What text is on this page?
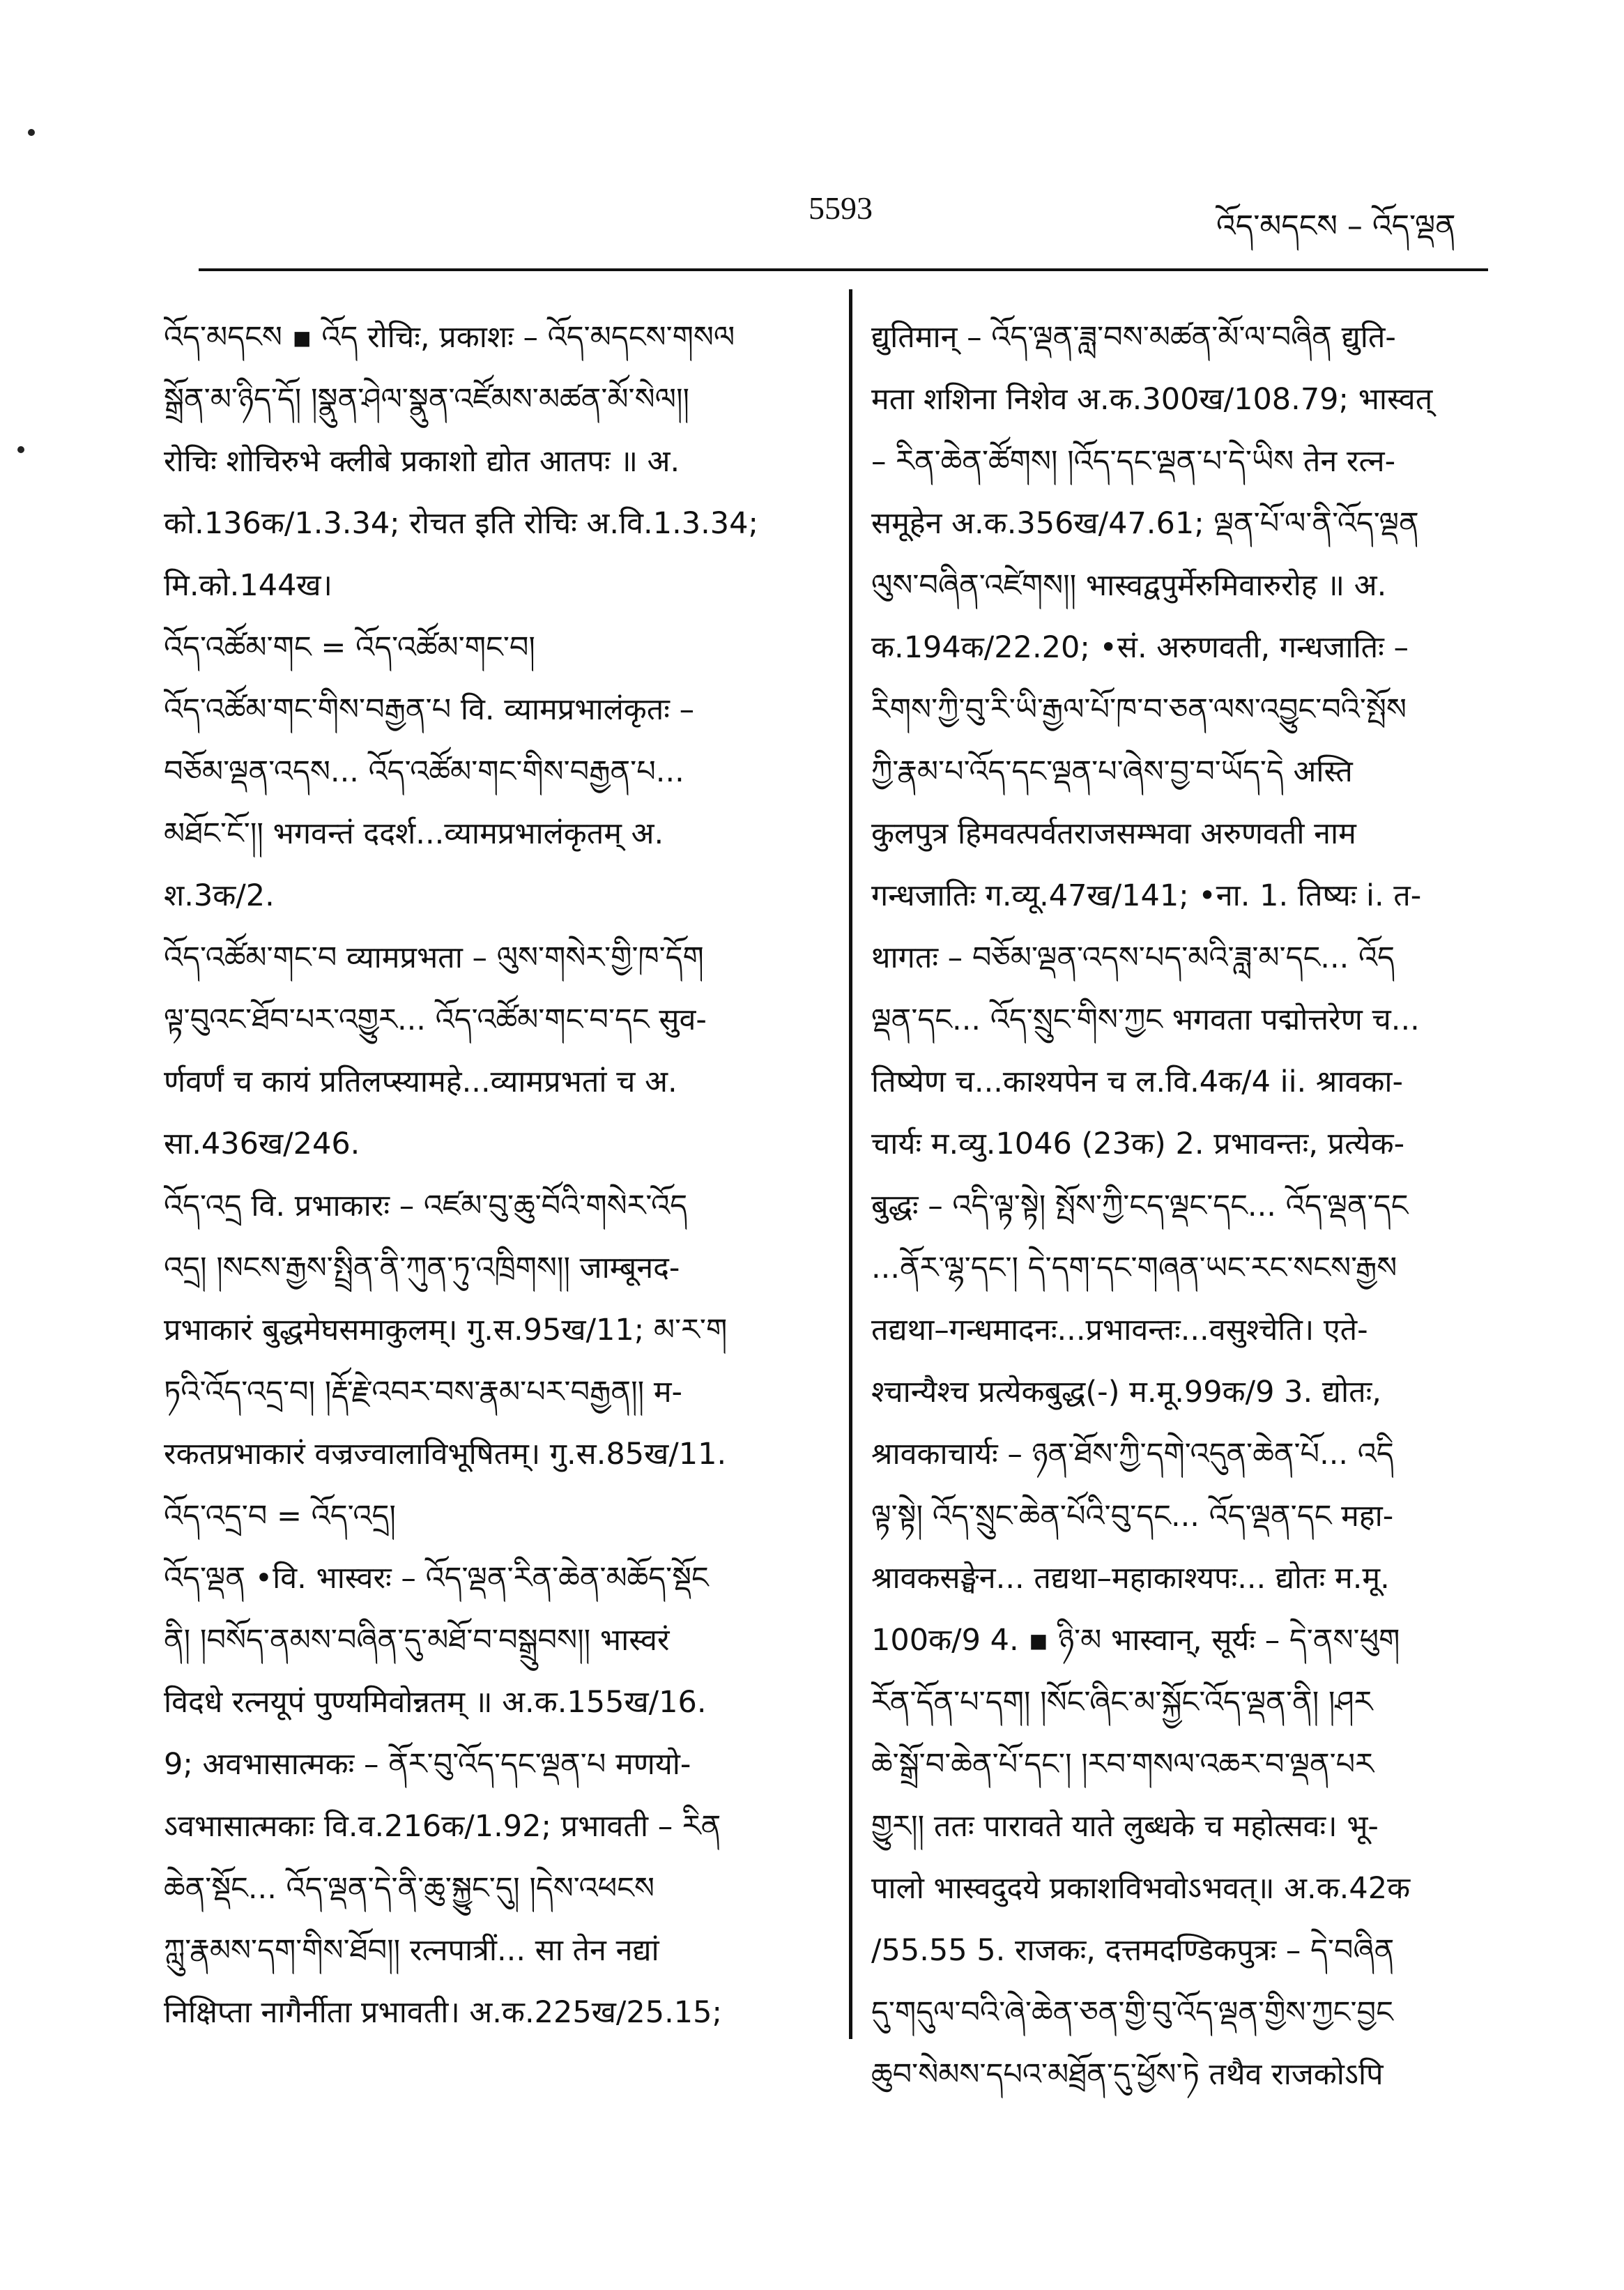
5593
འོད་མདངས – འོད་ལྡན
འོད་མདངས ▪ འོད रोचिः, प्रकाशः – འོད་མདངས་གསལ
སྒྲོན་མ་ཉིད་དོ། །སྣུན་ཤེལ་སྣུན་འཛོམས་མཚན་མོ་སེལ།།
रोचिः शोचिरुभे क्लीबे प्रकाशो द्योत आतपः ॥ अ.
को.136क/1.3.34; रोचत इति रोचिः अ.वि.1.3.34;
मि.को.144ख।
འོད་འཚོམ་གང = འོད་འཚོམ་གང་བ།
འོད་འཚོམ་གང་གིས་བརྒྱན་པ वि. व्यामप्रभालंकृतः –
བཅོམ་ལྡན་འདས... འོད་འཚོམ་གང་གིས་བརྒྱན་པ...
མཐོང་ངོ་།། भगवन्तं ददर्श...व्यामप्रभालंकृतम् अ.
श.3क/2.
འོད་འཚོམ་གང་བ व्यामप्रभता – ལུས་གསེར་གྱི་ཁ་དོག
ལྟ་བུའང་ཐོབ་པར་འགྱུར... འོད་འཚོམ་གང་བ་དང सुव-
र्णवर्णं च कायं प्रतिलप्स्यामहे...व्यामप्रभतां च अ.
सा.436ख/246.
འོད་འདྲ वि. प्रभाकारः – འཛམ་བུ་ཆུ་བོའི་གསེར་འོད
འདྲ། །སངས་རྒྱས་སྤྲིན་ནི་ཀུན་ཏུ་འཁྲིགས།། जाम्बूनद-
प्रभाकारं बुद्धमेघसमाकुलम्। गु.स.95ख/11; མ་ར་ག
ཏའི་འོད་འདྲ་བ། །རྡོ་རྗེ་འབར་བས་རྣམ་པར་བརྒྱན།། म-
रकतप्रभाकारं वज्रज्वालाविभूषितम्। गु.स.85ख/11.
འོད་འདྲ་བ = འོད་འདྲ།
འོད་ལྡན •वि. भास्वरः – འོད་ལྡན་རིན་ཆེན་མཆོད་སྡོང
ནི། །བསོད་ནམས་བཞིན་དུ་མཐོ་བ་བསྒྲུབས།། भास्वरं
विदधे रत्नयूपं पुण्यमिवोन्नतम् ॥ अ.क.155ख/16.
9; अवभासात्मकः – ནོར་བུ་འོད་དང་ལྡན་པ मणयो-
ऽवभासात्मकाः वि.व.216क/1.92; प्रभावती – རིན
ཆེན་སྡོང... འོད་ལྡན་དེ་ནི་ཆུ་སྐྱུང་དུ། །དེས་འཕངས
ཀླུ་རྣམས་དག་གིས་ཐོབ།། रत्नपात्रीं... सा तेन नद्यां
निक्षिप्ता नागैर्नीता प्रभावती। अ.क.225ख/25.15;
द्युतिमान् – འོད་ལྡན་ཟླ་བས་མཚན་མོ་ལ་བཞིན द्युति-
मता शशिना निशेव अ.क.300ख/108.79; भास्वत्
– རིན་ཆེན་ཚོགས། །འོད་དང་ལྡན་པ་དེ་ཡིས तेन रत्न-
समूहेन अ.क.356ख/47.61; ལྡན་པོ་ལ་ནི་འོད་ལྡན
ལུས་བཞིན་འཛེགས།། भास्वद्वपुर्मेरुमिवारुरोह ॥ अ.
क.194क/22.20; •सं. अरुणवती, गन्धजातिः –
རིགས་ཀྱི་བུ་རི་ཡི་རྒྱལ་པོ་ཁ་བ་ཅན་ལས་འབྱུང་བའི་སྤོས
ཀྱི་རྣམ་པ་འོད་དང་ལྡན་པ་ཞེས་བྱ་བ་ཡོད་དེ अस्ति
कुलपुत्र हिमवत्पर्वतराजसम्भवा अरुणवती नाम
गन्धजातिः ग.व्यू.47ख/141; •ना. 1. तिष्यः i. त-
थागतः – བཅོམ་ལྡན་འདས་པད་མའི་ཟླ་མ་དང... འོད
ལྡན་དང... འོད་སྲུང་གིས་ཀྱང भगवता पद्मोत्तरेण च...
तिष्येण च...काश्यपेन च ल.वि.4क/4 ii. श्रावका-
चार्यः म.व्यु.1046 (23क) 2. प्रभावन्तः, प्रत्येक-
बुद्धः – འདི་ལྟ་སྟེ། སྤོས་ཀྱི་ངད་ལྡང་དང... འོད་ལྡན་དང
...ནོར་ལྷ་དང་། དེ་དག་དང་གཞན་ཡང་རང་སངས་རྒྱས
तद्यथा–गन्धमादनः...प्रभावन्तः...वसुश्चेति। एते-
श्चान्यैश्च प्रत्येकबुद्ध(-) म.मू.99क/9 3. द्योतः,
श्रावकाचार्यः – ཉན་ཐོས་ཀྱི་དགེ་འདུན་ཆེན་པོ... འདི
ལྟ་སྟེ། འོད་སྲུང་ཆེན་པོའི་བུ་དང... འོད་ལྡན་དང महा-
श्रावकसङ्घेन... तद्यथा–महाकाश्यपः... द्योतः म.मू.
100क/9 4. ▪ ཉི་མ भास्वान्, सूर्यः – དེ་ནས་ཕུག
རོན་དོན་པ་དག། །སོང་ཞིང་མ་སྐྱོང་འོད་ལྡན་ནི། །ཤར
ཆེ་སྒྲོ་བ་ཆེན་པོ་དང་། །རབ་གསལ་འཆར་བ་ལྡན་པར
གྱུར།། ततः पारावते याते लुब्धके च महोत्सवः। भू-
पालो भास्वदुदये प्रकाशविभवोऽभवत्॥ अ.क.42क
/55.55 5. राजकः, दत्तमदण्डिकपुत्रः – དེ་བཞིན
དུ་གདུལ་བའི་ཞེ་ཆེན་ཅན་གྱི་བུ་འོད་ལྡན་གྱིས་ཀྱང་བྱང
ཆུབ་སེམས་དཔའ་མཐྲོན་དུ་ཕྱོས་ཏེ तथैव राजकोऽपि
